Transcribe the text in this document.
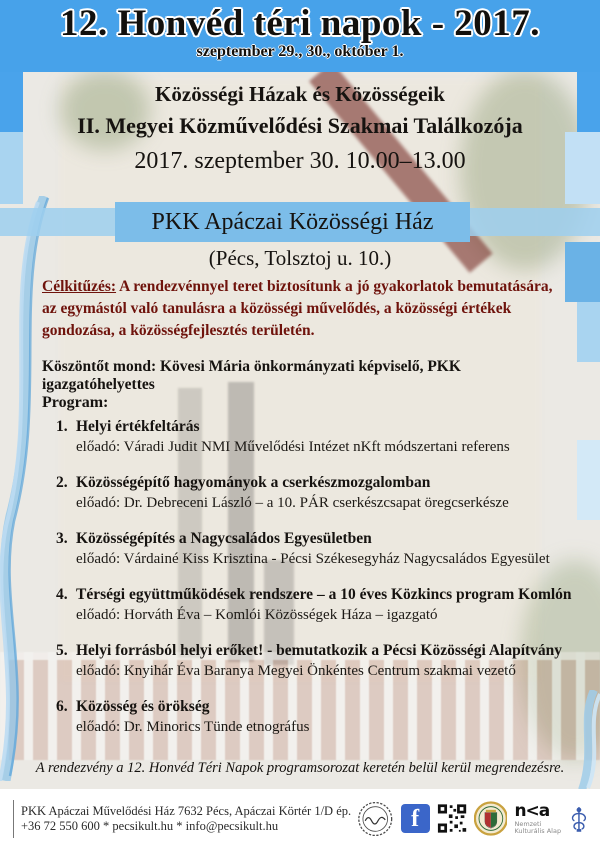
12. Honvéd téri napok - 2017.
szeptember 29., 30., október 1.
Közösségi Házak és Közösségeik
II. Megyei Közművelődési Szakmai Találkozója
2017. szeptember 30. 10.00–13.00
PKK Apáczai Közösségi Ház
(Pécs, Tolsztoj u. 10.)
Célkitűzés: A rendezvénnyel teret biztosítunk a jó gyakorlatok bemutatására, az egymástól való tanulásra a közösségi művelődés, a közösségi értékek gondozása, a közösségfejlesztés területén.
Köszöntőt mond: Kövesi Mária önkormányzati képviselő, PKK igazgatóhelyettes
Program:
1. Helyi értékfeltárás
előadó: Váradi Judit NMI Művelődési Intézet nKft módszertani referens
2. Közösségépítő hagyományok a cserkészmozgalomban
előadó: Dr. Debreceni László – a 10. PÁR cserkészcsapat öregcserkésze
3. Közösségépítés a Nagycsaládos Egyesületben
előadó: Várdainé Kiss Krisztina - Pécsi Székesegyház Nagycsaládos Egyesület
4. Térségi együttműködések rendszere – a 10 éves Közkincs program Komlón
előadó: Horváth Éva – Komlói Közösségek Háza – igazgató
5. Helyi forrásból helyi erőket! - bemutatkozik a Pécsi Közösségi Alapítvány
előadó: Knyihár Éva Baranya Megyei Önkéntes Centrum szakmai vezető
6. Közösség és örökség
előadó: Dr. Minorics Tünde etnográfus
A rendezvény a 12. Honvéd Téri Napok programsorozat keretén belül kerül megrendezésre.
PKK Apáczai Művelődési Ház 7632 Pécs, Apáczai Körtér 1/D ép.
+36 72 550 600 * pecsikult.hu * info@pecsikult.hu	f	n<a
Nemzeti
Kulturális Alap
